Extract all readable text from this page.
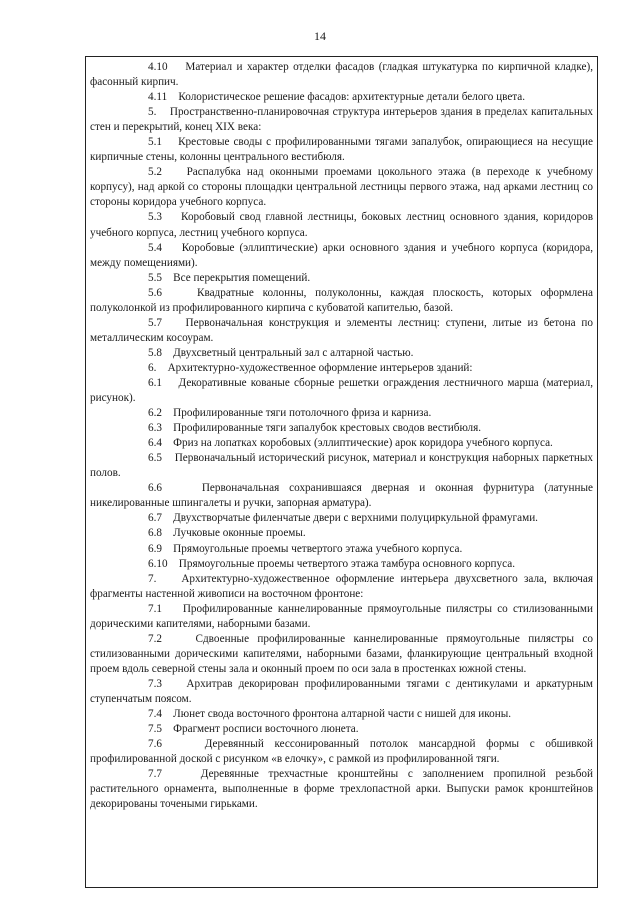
14

4.10 Материал и характер отделки фасадов (гладкая штукатурка по кирпичной кладке), фасонный кирпич.

4.11 Колористическое решение фасадов: архитектурные детали белого цвета.

5. Пространственно-планировочная структура интерьеров здания в пределах капитальных стен и перекрытий, конец XIX века:

5.1 Крестовые своды с профилированными тягами запалубок, опирающиеся на несущие кирпичные стены, колонны центрального вестибюля.

5.2 Распалубка над оконными проемами цокольного этажа (в переходе к учебному корпусу), над аркой со стороны площадки центральной лестницы первого этажа, над арками лестниц со стороны коридора учебного корпуса.

5.3 Коробовый свод главной лестницы, боковых лестниц основного здания, коридоров учебного корпуса, лестниц учебного корпуса.

5.4 Коробовые (эллиптические) арки основного здания и учебного корпуса (коридора, между помещениями).

5.5 Все перекрытия помещений.

5.6	Квадратные колонны, полуколонны, каждая плоскость, которых оформлена полуколонкой из профилированного кирпича с кубоватой капителью, базой.

5.7 Первоначальная конструкция и элементы лестниц: ступени, литые из бетона по металлическим косоурам.

5.8 Двухсветный центральный зал с алтарной частью.

6. Архитектурно-художественное оформление интерьеров зданий:

6.1 Декоративные кованые сборные решетки ограждения лестничного марша (материал, рисунок).

6.2 Профилированные тяги потолочного фриза и карниза.

6.3 Профилированные тяги запалубок крестовых сводов вестибюля.

6.4 Фриз на лопатках коробовых (эллиптические) арок коридора учебного корпуса.

6.5 Первоначальный исторический рисунок, материал и конструкция наборных паркетных полов.

6.6	Первоначальная сохранившаяся дверная и оконная фурнитура (латунные никелированные шпингалеты и ручки, запорная арматура).

6.7 Двухстворчатые филенчатые двери с верхними полуциркульной фрамугами.

6.8 Лучковые оконные проемы.

6.9 Прямоугольные проемы четвертого этажа учебного корпуса.

6.10 Прямоугольные проемы четвертого этажа тамбура основного корпуса.

7. Архитектурно-художественное оформление интерьера двухсветного зала, включая фрагменты настенной живописи на восточном фронтоне:

7.1 Профилированные каннелированные прямоугольные пилястры со стилизованными дорическими капителями, наборными базами.

7.2	Сдвоенные профилированные каннелированные прямоугольные пилястры со стилизованными дорическими капителями, наборными базами, фланкирующие центральный входной проем вдоль северной стены зала и оконный проем по оси зала в простенках южной стены.

7.3 Архитрав декорирован профилированными тягами с дентикулами и аркатурным ступенчатым поясом.

7.4 Люнет свода восточного фронтона алтарной части с нишей для иконы.

7.5 Фрагмент росписи восточного люнета.

7.6	Деревянный кессонированный потолок мансардной формы с обшивкой профилированной доской с рисунком «в елочку», с рамкой из профилированной тяги.

7.7	Деревянные трехчастные кронштейны с заполнением пропилной резьбой растительного орнамента, выполненные в форме трехлопастной арки. Выпуски рамок кронштейнов декорированы точеными гирьками.
